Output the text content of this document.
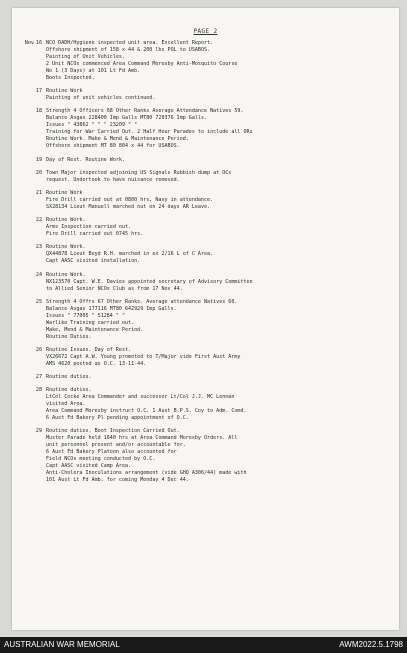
PAGE 2
Nov 16 NCO DADH/Hygiene inspected unit area. Excellent Report.
Offshore shipment of 158 x 44 & 200 lbs POL to USABOS.
Painting of Unit Vehicles.
2 Unit NCOs commenced Area Command Moresby Anti-Mosquito Course
No 1 (3 Days) at 101 Lt Fd Amb.
Boots Inspected.
17 Routine Work
Painting of unit vehicles continued.
18 Strength 4 Officers 68 Other Ranks Average Attendance Natives 59.
Balance Avgas 228400 Imp Galls MT80 720376 Imp Galls.
Issues " 43862 " " " 23209 " "
Training for War Carried Out. 2 Half Hour Parades to include all ORs
Routine Work. Make & Mend & Maintenance Period.
Offshore shipment MT 80 804 x 44 for USABOS.
19 Day of Rest. Routine Work.
20 Town Major inspected adjoining US Signals Rubbish dump at OCs
request. Undertook to have nuisance removed.
21 Routine Work
Fire Drill carried out at 0800 hrs, Navy in attendance.
SX28134 Lieut Manuell marched out on 24 days AR Leave.
22 Routine Work.
Arms Inspection carried out.
Fire Drill carried out 0745 hrs.
23 Routine Work.
QX44878 Lieut Boyd R.H. marched in ex 2/16 L of C Area.
Capt AASC visited installation.
24 Routine Work.
NX123570 Capt. W.E. Davies appointed secretary of Advisory Committee
to Allied Senior NCOs Club as from 17 Nov 44.
25 Strength 4 Offrs 67 Other Ranks. Average attendance Natives 60.
Balance Avgas 177116 MT80 642929 Imp Galls.
Issues " 77005 " 51284 " "
Warlike Training carried out.
Make, Mend & Maintenance Period.
Routine Duties.
26 Routine Issues. Day of Rest.
VX26672 Capt A.W. Young promoted to T/Major vide First Aust Army
AMS 4620 posted as O.C. 13-11-44.
27 Routine duties.
28 Routine duties.
LtCol Cocke Area Commander and successor Lt/Col J.J. MC Lennan
visited Area.
Area Command Moresby instruct O.C. 1 Aust B.P.S. Coy to Adm. Comd.
6 Aust Fd Bakery Pl pending appointment of O.C.
29 Routine duties. Boot Inspection Carried Out.
Muster Parade held 1640 hrs at Area Command Moresby Orders. All
unit personnel present and/or accountable for.
6 Aust Fd Bakery Platoon also accounted for
Field NCOs meeting conducted by O.C.
Capt AASC visited Camp Area.
Anti-Cholera Inoculations arrangement (vide GHQ A306/44) made with
101 Aust Lt Fd Amb. for coming Monday 4 Dec 44.
AUSTRALIAN WAR MEMORIAL	AWM2022.5.1798
